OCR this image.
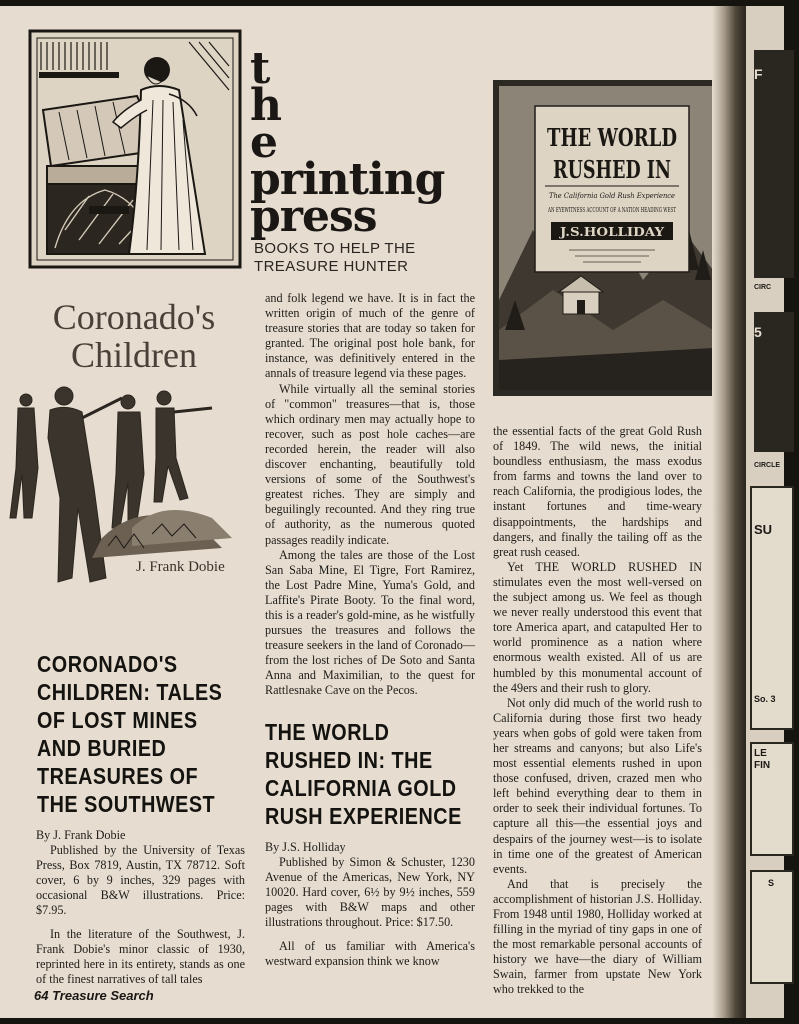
t
h
e
printing
press
BOOKS TO HELP THE TREASURE HUNTER
Coronado's Children
J. Frank Dobie
CORONADO'S CHILDREN: TALES OF LOST MINES AND BURIED TREASURES OF THE SOUTHWEST

By J. Frank Dobie

Published by the University of Texas Press, Box 7819, Austin, TX 78712. Soft cover, 6 by 9 inches, 329 pages with occasional B&W illustrations. Price: $7.95.

In the literature of the Southwest, J. Frank Dobie's minor classic of 1930, reprinted here in its entirety, stands as one of the finest narratives of tall tales

and folk legend we have. It is in fact the written origin of much of the genre of treasure stories that are today so taken for granted. The original post hole bank, for instance, was definitively entered in the annals of treasure legend via these pages.

While virtually all the seminal stories of "common" treasures—that is, those which ordinary men may actually hope to recover, such as post hole caches—are recorded herein, the reader will also discover enchanting, beautifully told versions of some of the Southwest's greatest riches. They are simply and beguilingly recounted. And they ring true of authority, as the numerous quoted passages readily indicate.

Among the tales are those of the Lost San Saba Mine, El Tigre, Fort Ramirez, the Lost Padre Mine, Yuma's Gold, and Laffite's Pirate Booty. To the final word, this is a reader's gold-mine, as he wistfully pursues the treasures and follows the treasure seekers in the land of Coronado—from the lost riches of De Soto and Santa Anna and Maximilian, to the quest for Rattlesnake Cave on the Pecos.

THE WORLD RUSHED IN: THE CALIFORNIA GOLD RUSH EXPERIENCE

By J.S. Holliday

Published by Simon & Schuster, 1230 Avenue of the Americas, New York, NY 10020. Hard cover, 6½ by 9½ inches, 559 pages with B&W maps and other illustrations throughout. Price: $17.50.

All of us familiar with America's westward expansion think we know

THE WORLD
RUSHED IN
The California Gold Rush Experience
AN EYEWITNESS ACCOUNT OF A NATION HEADING WEST
J.S.HOLLIDAY

the essential facts of the great Gold Rush of 1849. The wild news, the initial boundless enthusiasm, the mass exodus from farms and towns the land over to reach California, the prodigious lodes, the instant fortunes and time-weary disappointments, the hardships and dangers, and finally the tailing off as the great rush ceased.

Yet THE WORLD RUSHED IN stimulates even the most well-versed on the subject among us. We feel as though we never really understood this event that tore America apart, and catapulted Her to world prominence as a nation where enormous wealth existed. All of us are humbled by this monumental account of the 49ers and their rush to glory.

Not only did much of the world rush to California during those first two heady years when gobs of gold were taken from her streams and canyons; but also Life's most essential elements rushed in upon those confused, driven, crazed men who left behind everything dear to them in order to seek their individual fortunes. To capture all this—the essential joys and despairs of the journey west—is to isolate in time one of the greatest of American events.

And that is precisely the accomplishment of historian J.S. Holliday. From 1948 until 1980, Holliday worked at filling in the myriad of tiny gaps in one of the most remarkable personal accounts of history we have—the diary of William Swain, farmer from upstate New York who trekked to the

64 Treasure Search
F
CIRC
5
CIRCLE
SU
So. 3
LE
FIN
S
